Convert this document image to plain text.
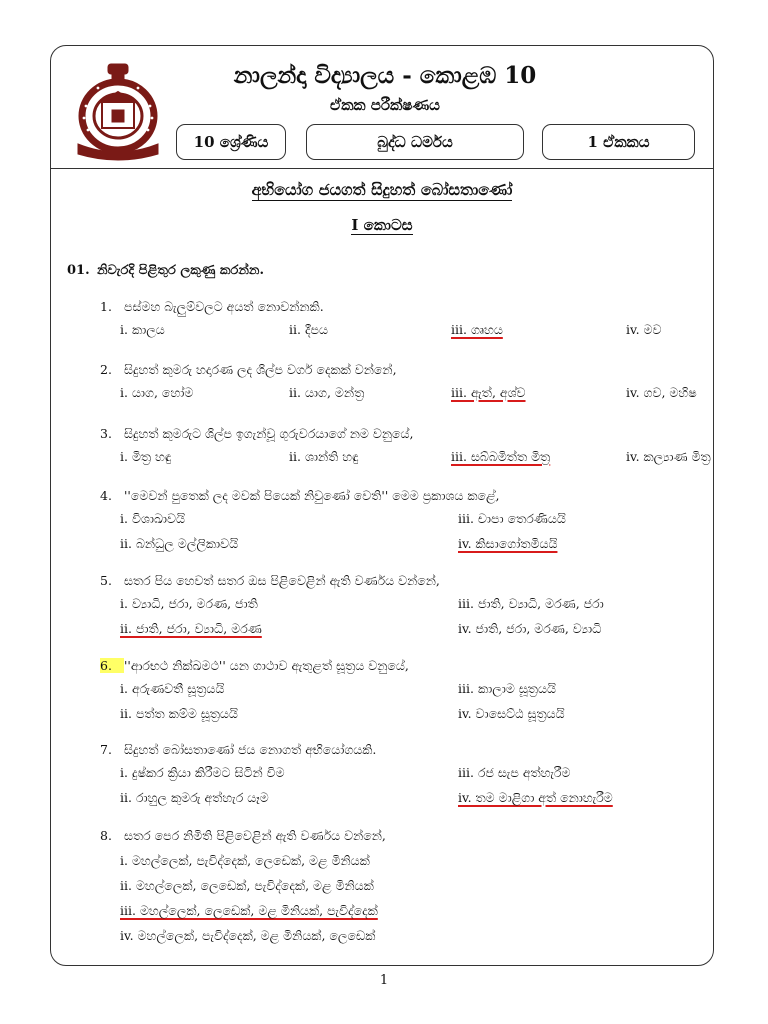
නාලන්දා විද්‍යාලය - කොළඹ 10
ඒකක පරීක්ෂණය
10 ශ්‍රේණිය	බුද්ධ ධර්මය	1 ඒකකය
අභියෝග ජයගත් සිදුහත් බෝසතාණෝ
I කොටස
01. නිවැරදි පිළිතුර ලකුණු කරන්න.
1. පස්මහ බැලුම්වලට අයත් නොවන්නකි.
i. කාලය	ii. දීපය	iii. ගෘහය	iv. මව
2. සිදුහත් කුමරු හදාරණ ලද ශිල්ප වර්ග දෙකක් වන්නේ,
i. යාග, හෝම	ii. යාග, මන්ත්‍ර	iii. ඇත්, අශ්ව	iv. ගව, මහිෂ
3. සිදුහත් කුමරුට ශිල්ප ඉගැන්වූ ගුරුවරයාගේ නම වනුයේ,
i. මිත්‍ර හඳු	ii. ශාන්ති හඳු	iii. සබ්බමිත්ත මිත්‍ර	iv. කල්‍යාණ මිත්‍ර
4. ''මෙවන් පුතෙක් ලද මවක් පියෙක් නිවුණෝ වෙති'' මෙම ප්‍රකාශය කළේ,
i. විශාඛාවයි	iii. චාපා තෙරණියයි
ii. බන්ධුල මල්ලිකාවයි	iv. කිසාගෝතමියයි
5. සතර පිය හෙවත් සතර ඔස පිළිවෙළින් ඇති වර්ණය වන්නේ,
i. ව්‍යාධි, ජරා, මරණ, ජාති	iii. ජාති, ව්‍යාධි, මරණ, ජරා
ii. ජාති, ජරා, ව්‍යාධි, මරණ	iv. ජාති, ජරා, මරණ, ව්‍යාධි
6. ''ආරභථ නික්ඛමථ'' යන ගාථාව ඇතුළත් සූත්‍රය වනුයේ,
i. අරුණවතී සූත්‍රයයි	iii. කාලාම සූත්‍රයයි
ii. පත්ත කම්ම සූත්‍රයයි	iv. වාසෙට්ඨ සූත්‍රයයි
7. සිදුහත් බෝසතාණෝ ජය නොගත් අභියෝගයකි.
i. දුෂ්කර ක්‍රියා කිරීමට සිටින් විම	iii. රජ සැප අත්හැරීම
ii. රාහුල කුමරු අත්හැර යෑම	iv. තම මාළිගා අත් නොහැරීම
8. සතර පෙර නිමිති පිළිවෙළින් ඇති වර්ණය වන්නේ,
i. මහල්ලෙක්, පැවිද්දෙක්, ලෙඩෙක්, මළ මිනියක්
ii. මහල්ලෙක්, ලෙඩෙක්, පැවිද්දෙක්, මළ මිනියක්
iii. මහල්ලෙක්, ලෙඩෙක්, මළ මිනියක්, පැවිද්දෙක්
iv. මහල්ලෙක්, පැවිද්දෙක්, මළ මිනියක්, ලෙඩෙක්
1
